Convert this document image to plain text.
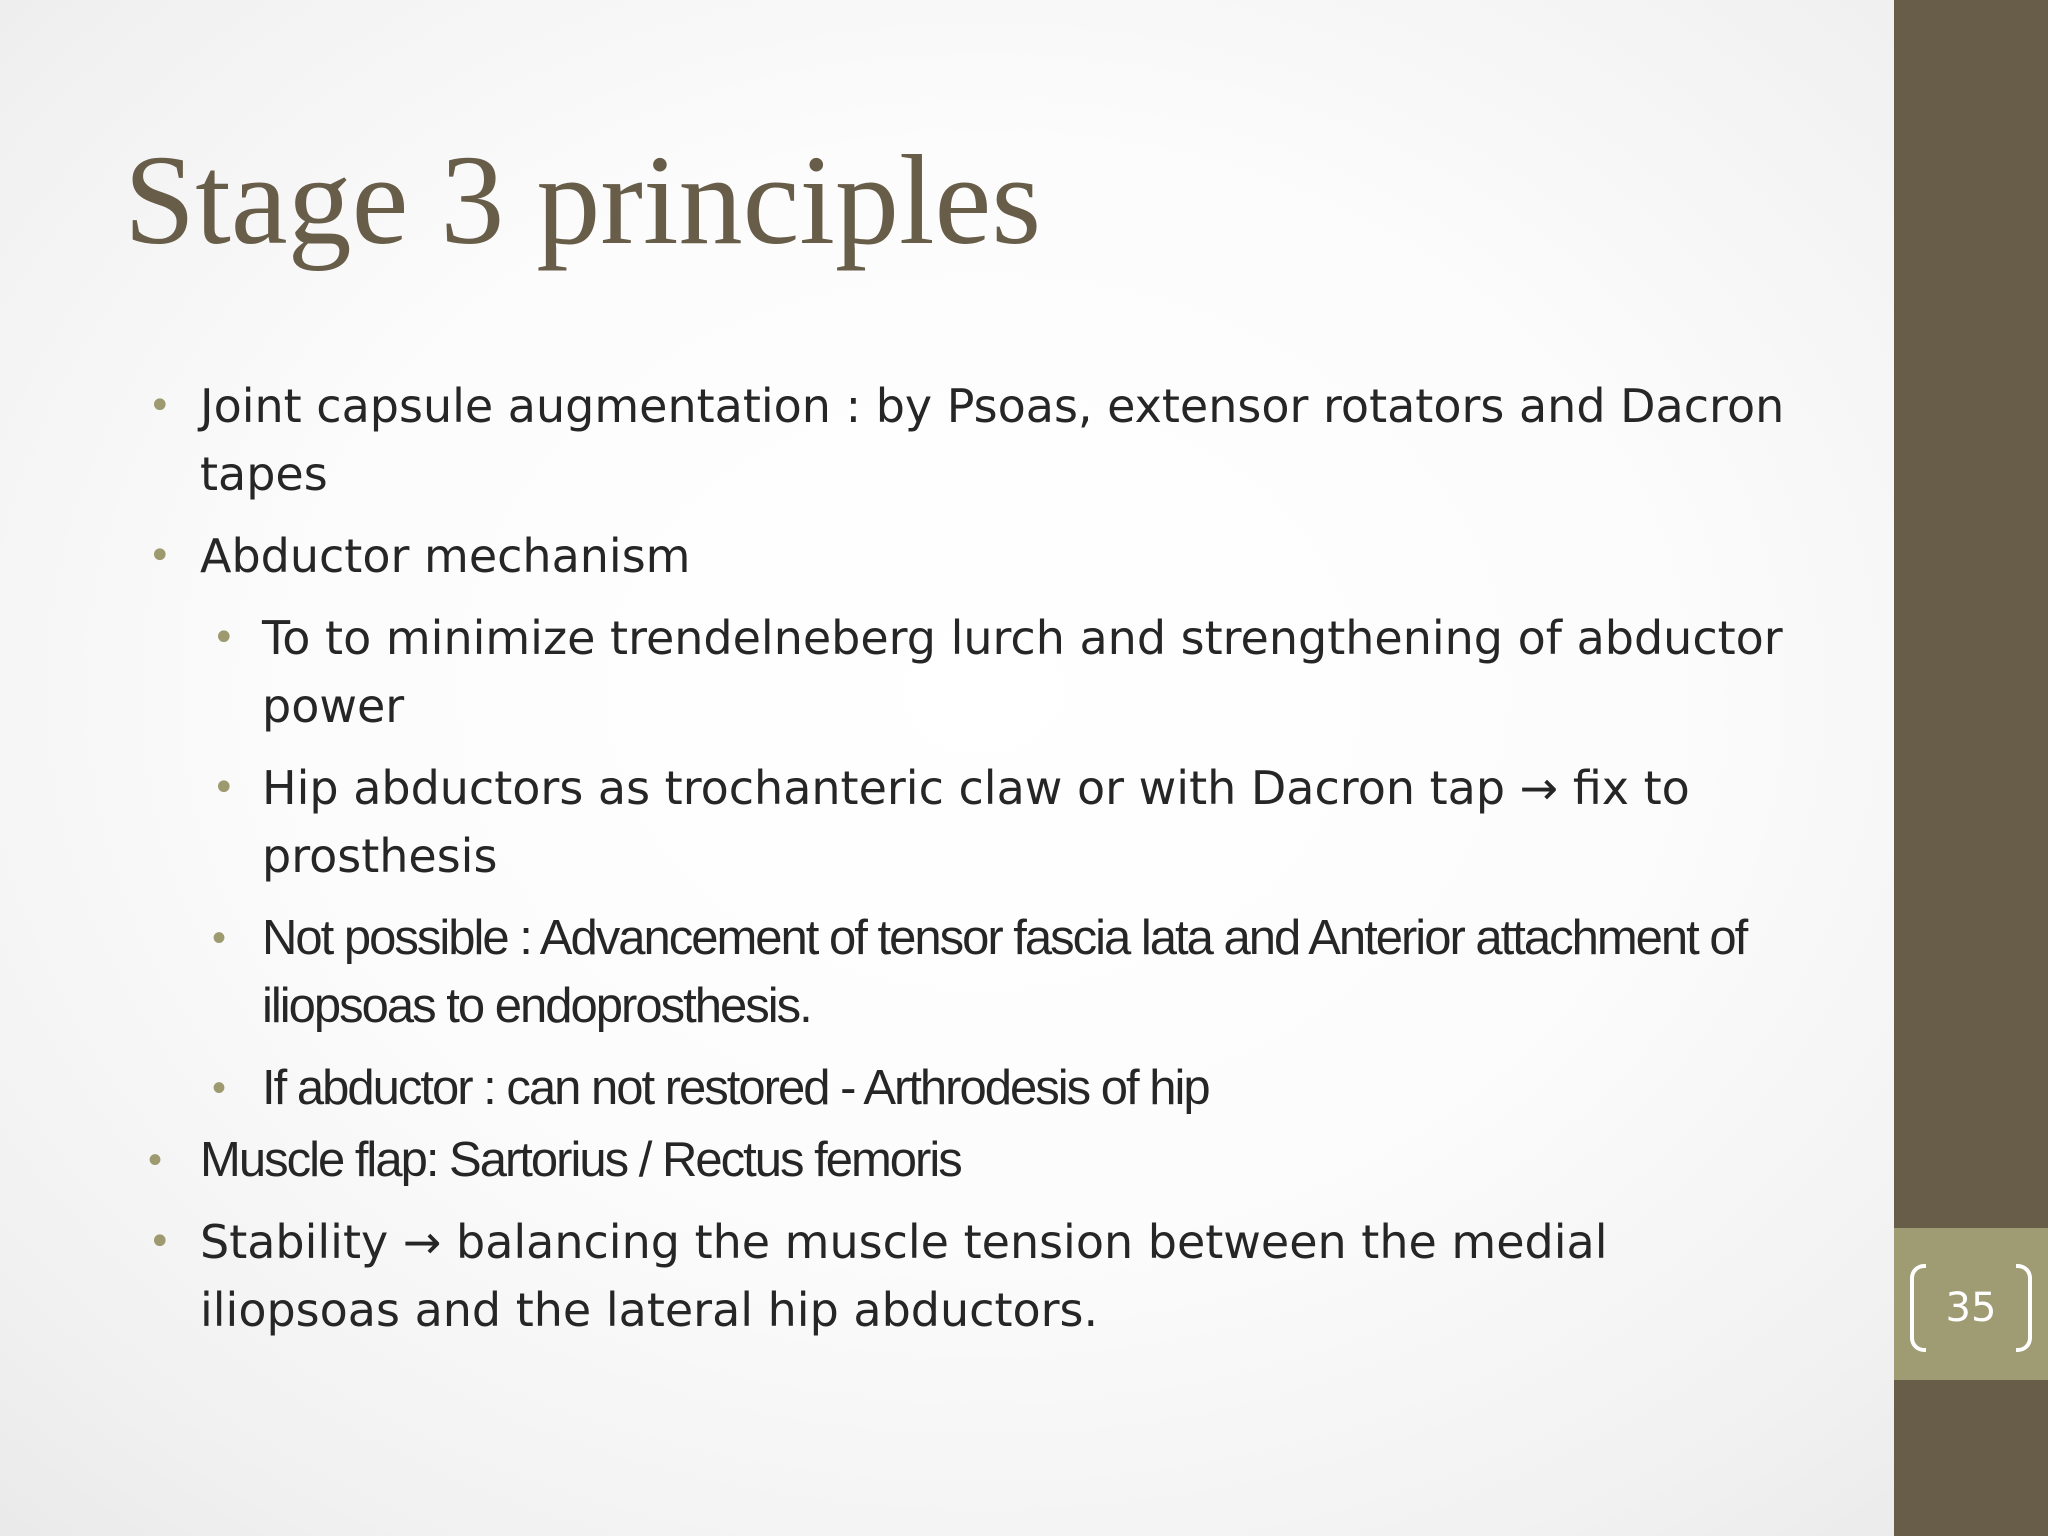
35
Stage 3 principles
• Joint capsule augmentation : by Psoas, extensor rotators and Dacron tapes
• Abductor mechanism
• To to minimize trendelneberg lurch and strengthening of abductor power
• Hip abductors as trochanteric claw or with Dacron tap → fix to prosthesis
• Not possible : Advancement of tensor fascia lata and Anterior attachment of iliopsoas to endoprosthesis.
• If abductor : can not restored - Arthrodesis of hip
• Muscle flap: Sartorius / Rectus femoris
• Stability → balancing the muscle tension between the medial iliopsoas and the lateral hip abductors.
